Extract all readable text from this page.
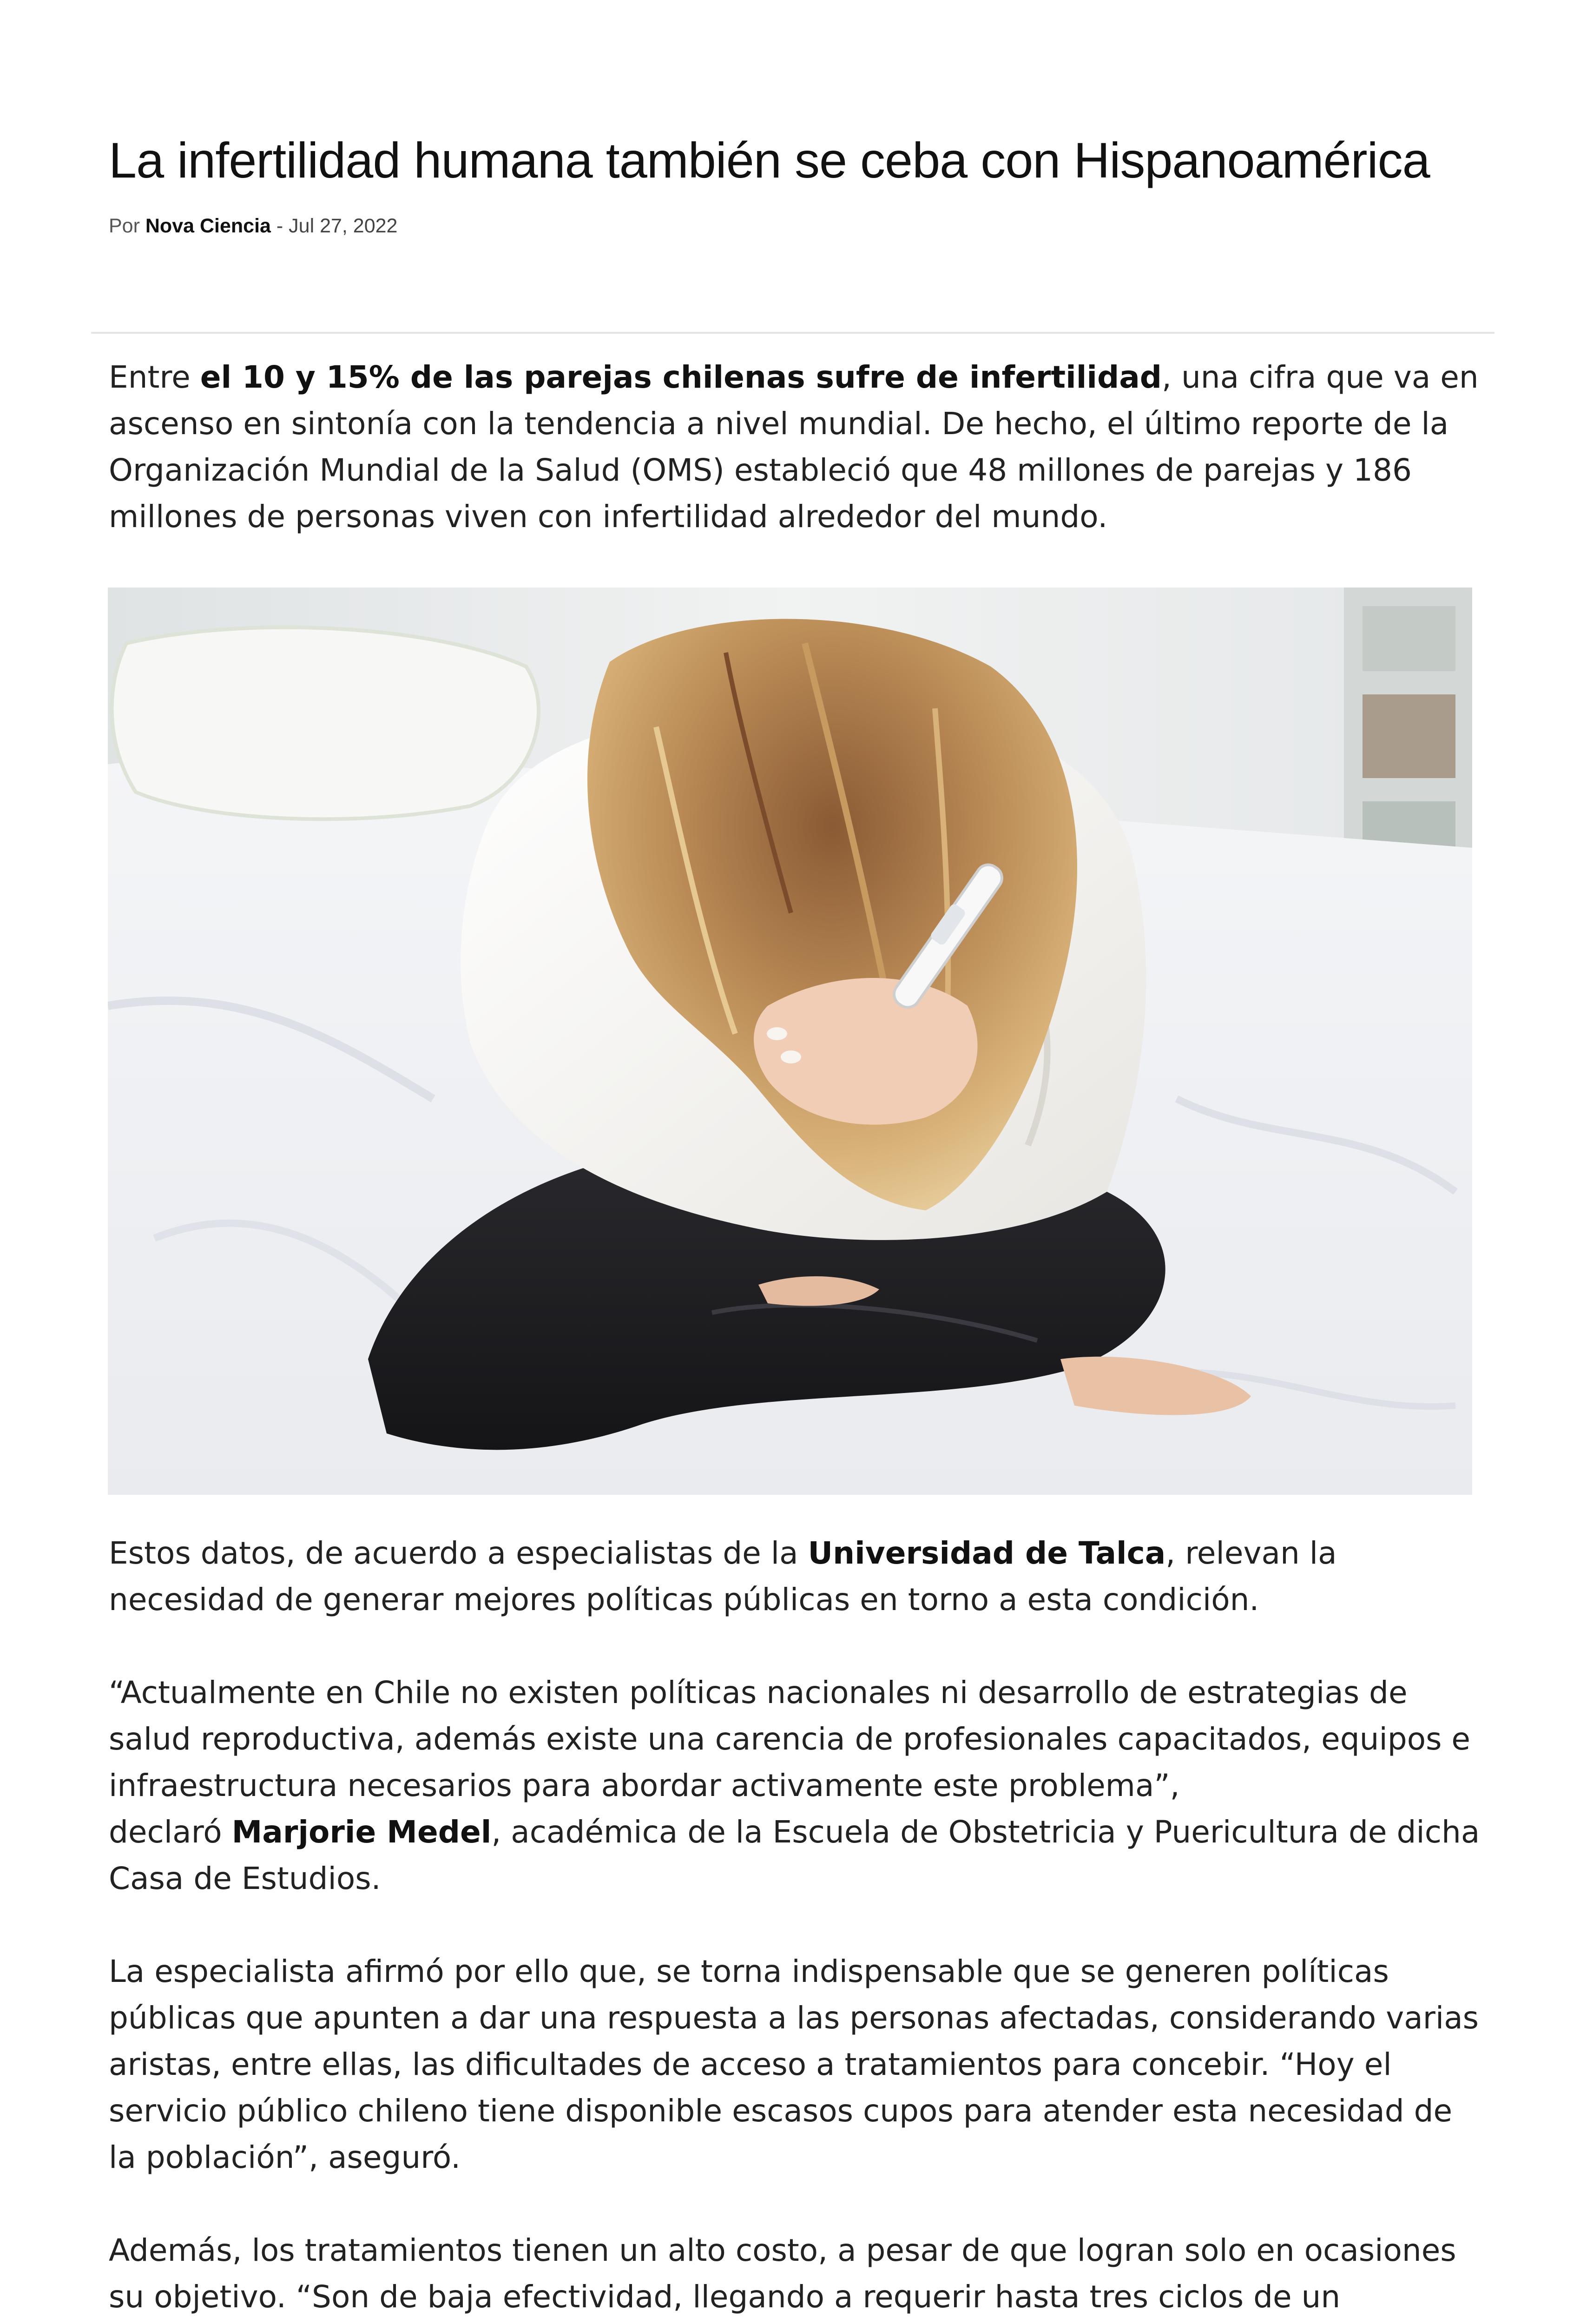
La infertilidad humana también se ceba con Hispanoamérica
Por Nova Ciencia - Jul 27, 2022

Entre el 10 y 15% de las parejas chilenas sufre de infertilidad, una cifra que va en ascenso en sintonía con la tendencia a nivel mundial. De hecho, el último reporte de la Organización Mundial de la Salud (OMS) estableció que 48 millones de parejas y 186 millones de personas viven con infertilidad alrededor del mundo.

Estos datos, de acuerdo a especialistas de la Universidad de Talca, relevan la necesidad de generar mejores políticas públicas en torno a esta condición.

“Actualmente en Chile no existen políticas nacionales ni desarrollo de estrategias de salud reproductiva, además existe una carencia de profesionales capacitados, equipos e infraestructura necesarios para abordar activamente este problema”,
declaró Marjorie Medel, académica de la Escuela de Obstetricia y Puericultura de dicha Casa de Estudios.

La especialista afirmó por ello que, se torna indispensable que se generen políticas públicas que apunten a dar una respuesta a las personas afectadas, considerando varias aristas, entre ellas, las dificultades de acceso a tratamientos para concebir. “Hoy el servicio público chileno tiene disponible escasos cupos para atender esta necesidad de la población”, aseguró.

Además, los tratamientos tienen un alto costo, a pesar de que logran solo en ocasiones su objetivo. “Son de baja efectividad, llegando a requerir hasta tres ciclos de un
